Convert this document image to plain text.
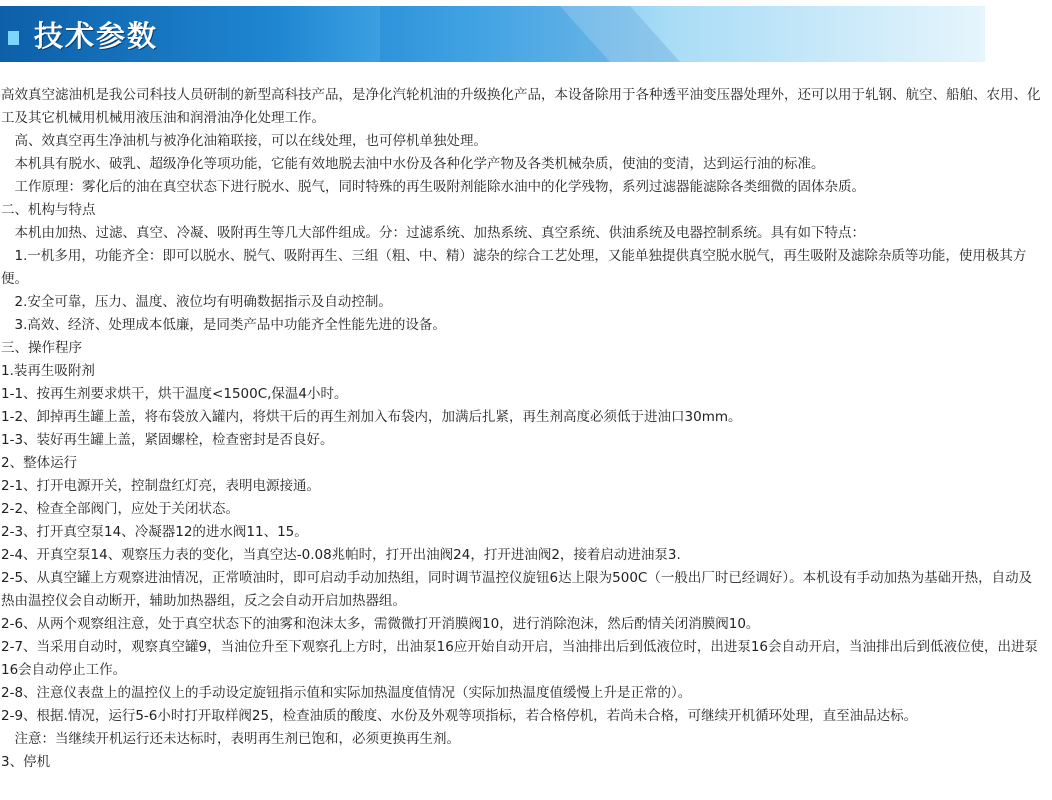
技术参数

高效真空滤油机是我公司科技人员研制的新型高科技产品，是净化汽轮机油的升级换化产品，本设备除用于各种透平油变压器处理外，还可以用于轧钢、航空、船舶、农用、化工及其它机械用机械用液压油和润滑油净化处理工作。

　高、效真空再生净油机与被净化油箱联接，可以在线处理，也可停机单独处理。

　本机具有脱水、破乳、超级净化等项功能，它能有效地脱去油中水份及各种化学产物及各类机械杂质，使油的变清，达到运行油的标准。

　工作原理：雾化后的油在真空状态下进行脱水、脱气，同时特殊的再生吸附剂能除水油中的化学残物，系列过滤器能滤除各类细微的固体杂质。

二、机构与特点

　本机由加热、过滤、真空、冷凝、吸附再生等几大部件组成。分：过滤系统、加热系统、真空系统、供油系统及电器控制系统。具有如下特点：

　1.一机多用，功能齐全：即可以脱水、脱气、吸附再生、三组（粗、中、精）滤杂的综合工艺处理，又能单独提供真空脱水脱气，再生吸附及滤除杂质等功能，使用极其方便。

　2.安全可靠，压力、温度、液位均有明确数据指示及自动控制。

　3.高效、经济、处理成本低廉，是同类产品中功能齐全性能先进的设备。

三、操作程序

1.装再生吸附剂

1-1、按再生剂要求烘干，烘干温度<1500C,保温4小时。

1-2、卸掉再生罐上盖，将布袋放入罐内，将烘干后的再生剂加入布袋内，加满后扎紧，再生剂高度必须低于进油口30mm。

1-3、装好再生罐上盖，紧固螺栓，检查密封是否良好。

2、整体运行

2-1、打开电源开关，控制盘红灯亮，表明电源接通。

2-2、检查全部阀门，应处于关闭状态。

2-3、打开真空泵14、冷凝器12的进水阀11、15。

2-4、开真空泵14、观察压力表的变化，当真空达-0.08兆帕时，打开出油阀24，打开进油阀2，接着启动进油泵3.

2-5、从真空罐上方观察进油情况，正常喷油时，即可启动手动加热组，同时调节温控仪旋钮6达上限为500C（一般出厂时已经调好）。本机设有手动加热为基础开热，自动及热由温控仪会自动断开，辅助加热器组，反之会自动开启加热器组。

2-6、从两个观察组注意，处于真空状态下的油雾和泡沫太多，需微微打开消膜阀10，进行消除泡沫，然后酌情关闭消膜阀10。

2-7、当采用自动时，观察真空罐9，当油位升至下观察孔上方时，出油泵16应开始自动开启，当油排出后到低液位时，出进泵16会自动开启，当油排出后到低液位使，出进泵16会自动停止工作。

2-8、注意仪表盘上的温控仪上的手动设定旋钮指示值和实际加热温度值情况（实际加热温度值缓慢上升是正常的）。

2-9、根据.情况，运行5-6小时打开取样阀25，检查油质的酸度、水份及外观等项指标，若合格停机，若尚未合格，可继续开机循环处理，直至油品达标。

　注意：当继续开机运行还未达标时，表明再生剂已饱和，必须更换再生剂。

3、停机
